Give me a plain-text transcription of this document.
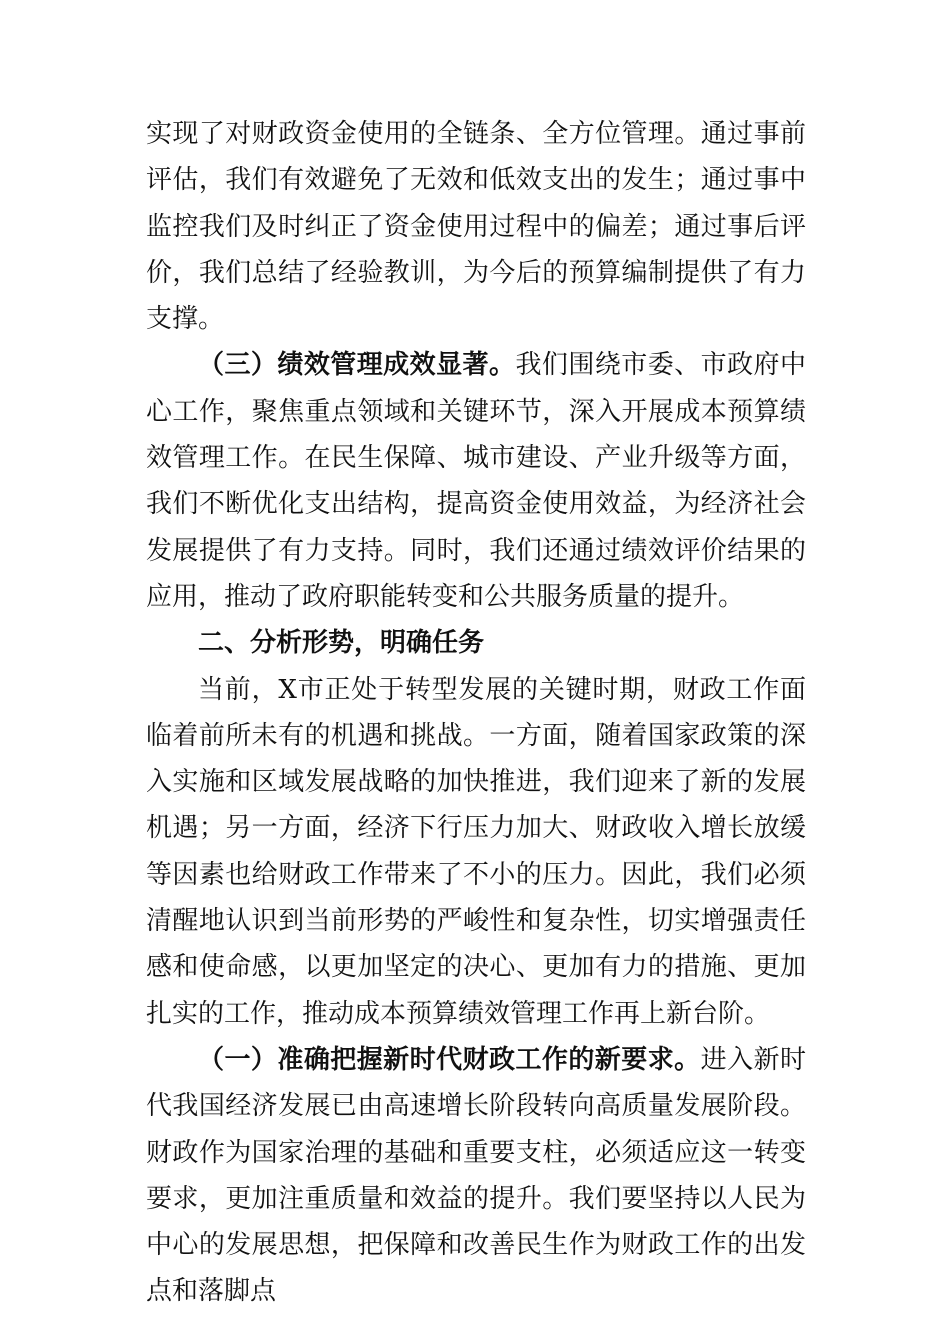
实现了对财政资金使用的全链条、全方位管理。通过事前评估，我们有效避免了无效和低效支出的发生；通过事中监控我们及时纠正了资金使用过程中的偏差；通过事后评价，我们总结了经验教训，为今后的预算编制提供了有力支撑。

（三）绩效管理成效显著。我们围绕市委、市政府中心工作，聚焦重点领域和关键环节，深入开展成本预算绩效管理工作。在民生保障、城市建设、产业升级等方面，我们不断优化支出结构，提高资金使用效益，为经济社会发展提供了有力支持。同时，我们还通过绩效评价结果的应用，推动了政府职能转变和公共服务质量的提升。

二、分析形势，明确任务

当前，X市正处于转型发展的关键时期，财政工作面临着前所未有的机遇和挑战。一方面，随着国家政策的深入实施和区域发展战略的加快推进，我们迎来了新的发展机遇；另一方面，经济下行压力加大、财政收入增长放缓等因素也给财政工作带来了不小的压力。因此，我们必须清醒地认识到当前形势的严峻性和复杂性，切实增强责任感和使命感，以更加坚定的决心、更加有力的措施、更加扎实的工作，推动成本预算绩效管理工作再上新台阶。

（一）准确把握新时代财政工作的新要求。进入新时代我国经济发展已由高速增长阶段转向高质量发展阶段。财政作为国家治理的基础和重要支柱，必须适应这一转变要求，更加注重质量和效益的提升。我们要坚持以人民为中心的发展思想，把保障和改善民生作为财政工作的出发点和落脚点
